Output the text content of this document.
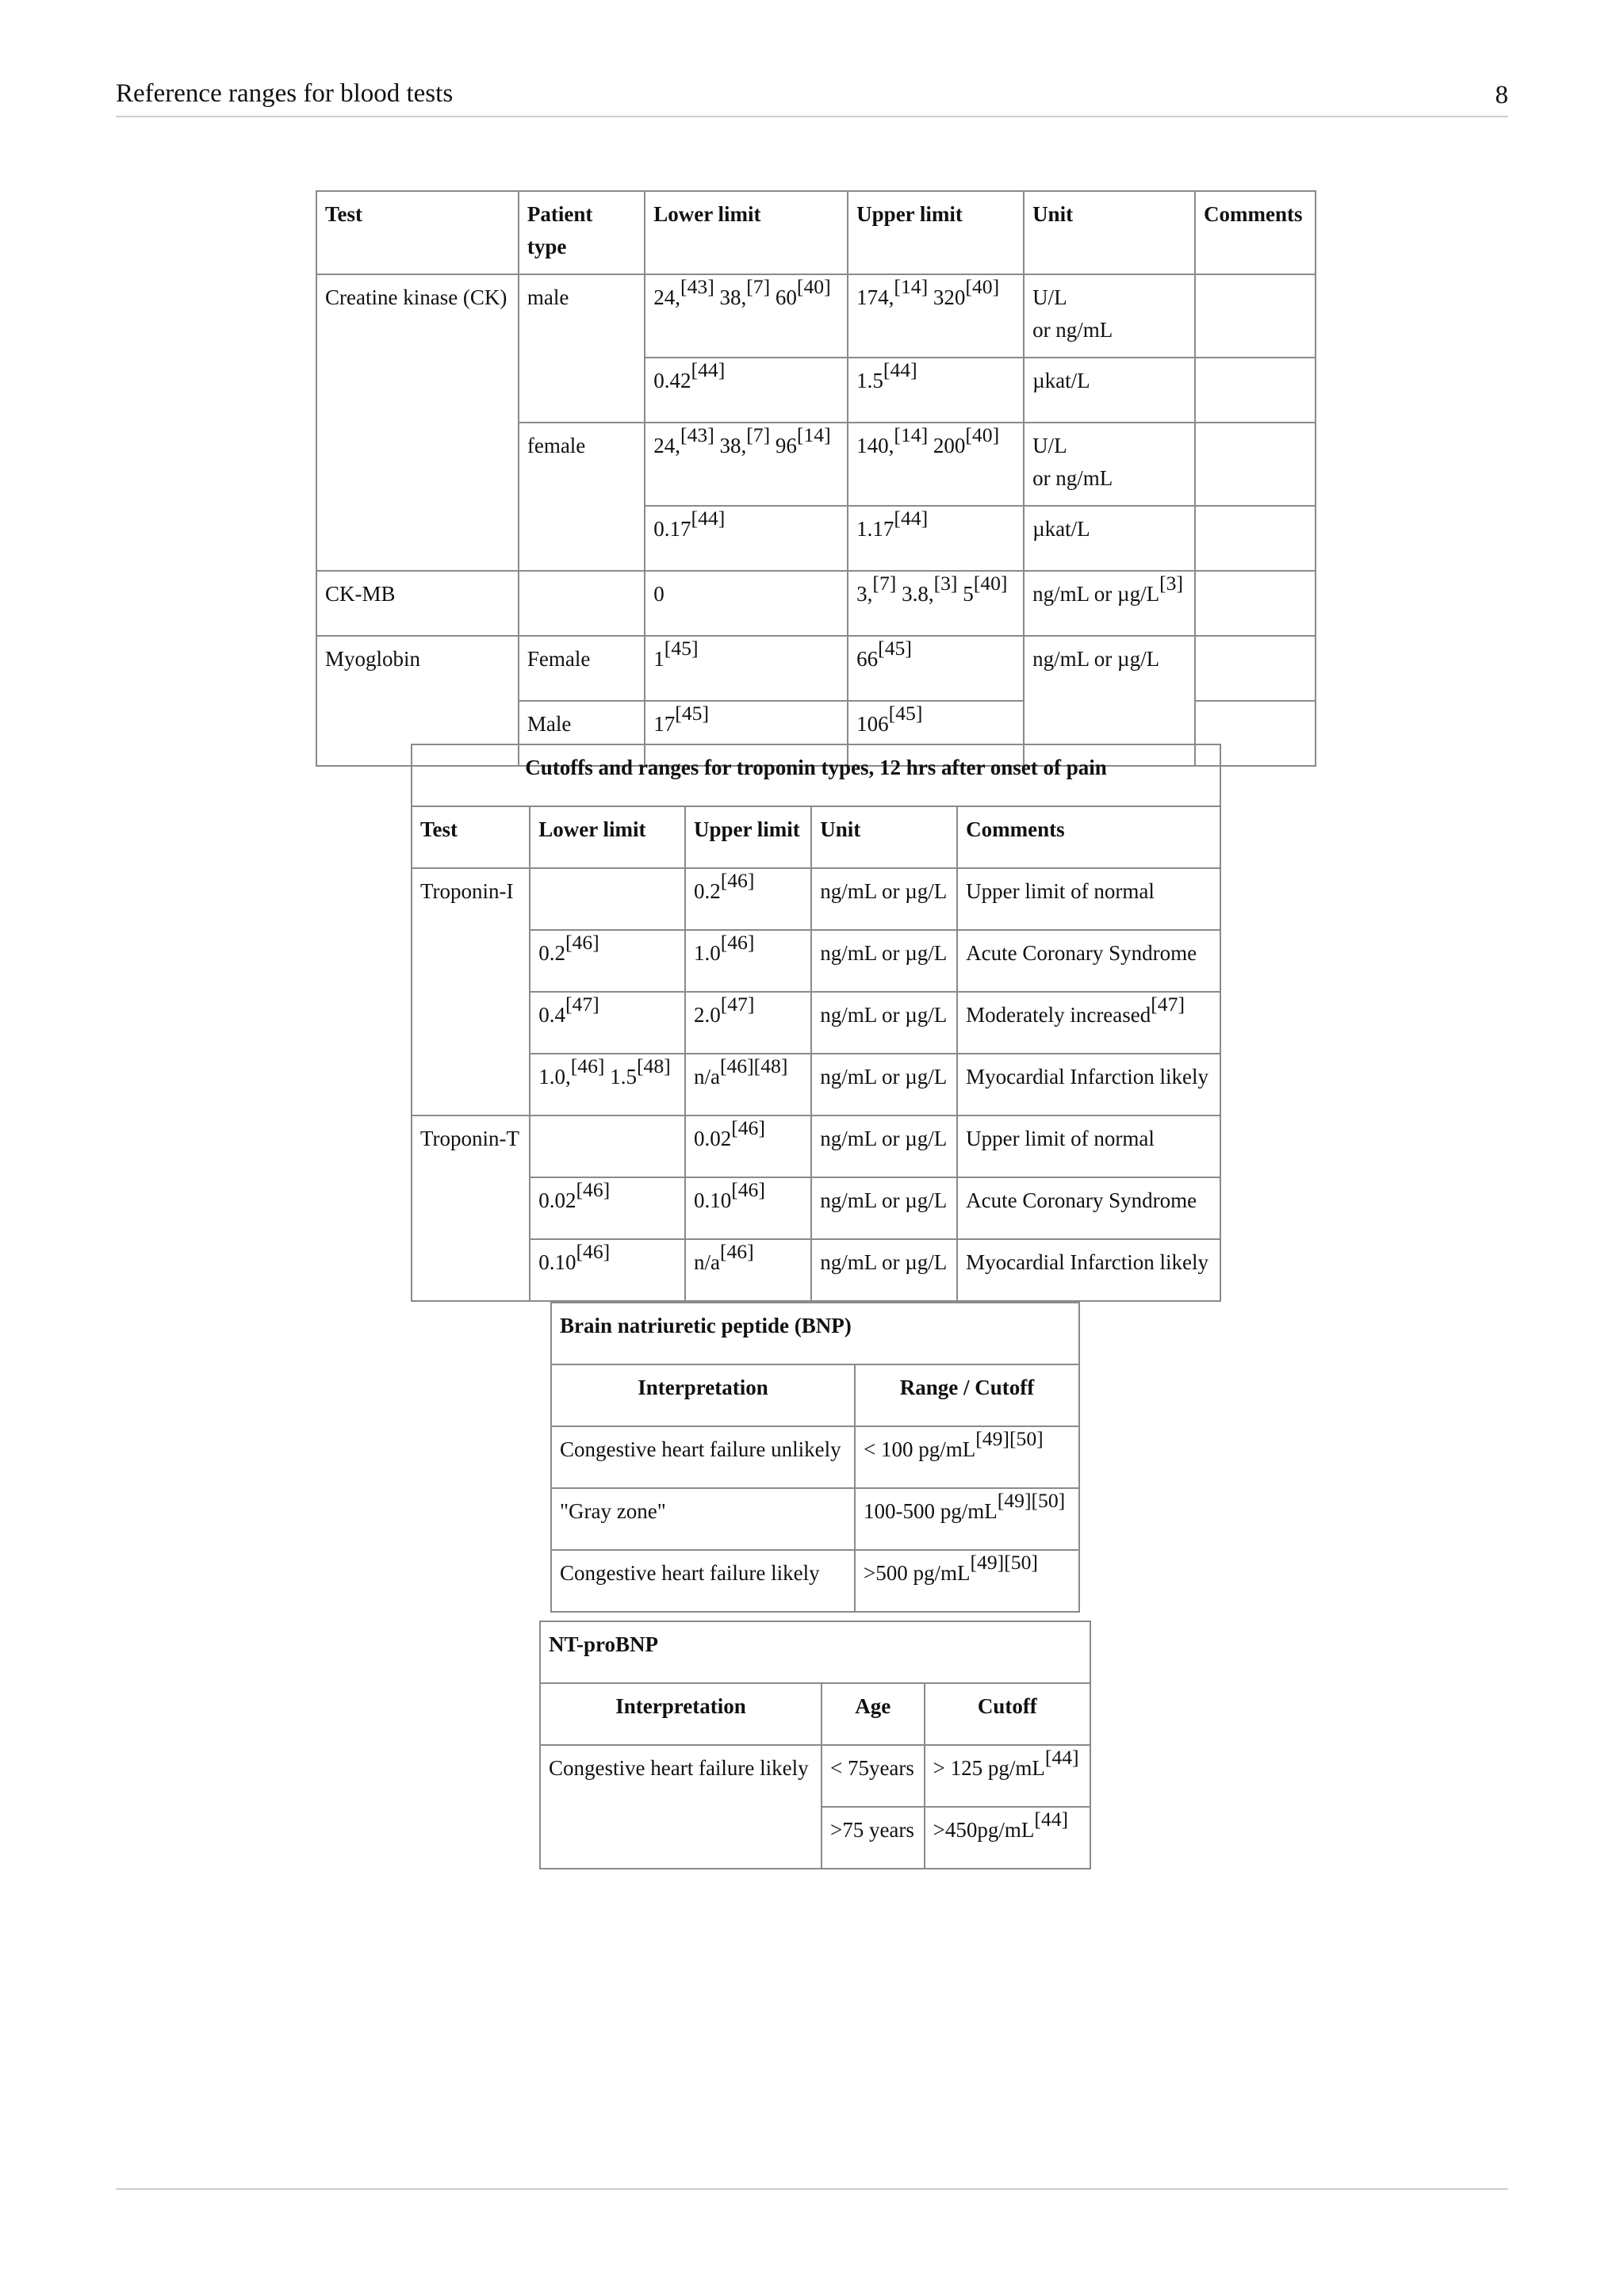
Reference ranges for blood tests	8
Test	Patient type	Lower limit	Upper limit	Unit	Comments
Creatine kinase (CK)	male	24,[43] 38,[7] 60[40]	174,[14] 320[40]	U/L
or ng/mL	
		0.42[44]	1.5[44]	µkat/L	
	female	24,[43] 38,[7] 96[14]	140,[14] 200[40]	U/L
or ng/mL	
		0.17[44]	1.17[44]	µkat/L	
CK-MB		0	3,[7] 3.8,[3] 5[40]	ng/mL or µg/L[3]	
Myoglobin	Female	1[45]	66[45]	ng/mL or µg/L	
	Male	17[45]	106[45]	
Cutoffs and ranges for troponin types, 12 hrs after onset of pain				
Test	Lower limit	Upper limit	Unit	Comments
Troponin-I		0.2[46]	ng/mL or µg/L	Upper limit of normal
	0.2[46]	1.0[46]	ng/mL or µg/L	Acute Coronary Syndrome
	0.4[47]	2.0[47]	ng/mL or µg/L	Moderately increased[47]
	1.0,[46] 1.5[48]	n/a[46][48]	ng/mL or µg/L	Myocardial Infarction likely
Troponin-T		0.02[46]	ng/mL or µg/L	Upper limit of normal
	0.02[46]	0.10[46]	ng/mL or µg/L	Acute Coronary Syndrome
	0.10[46]	n/a[46]	ng/mL or µg/L	Myocardial Infarction likely
Brain natriuretic peptide (BNP)	
Interpretation	Range / Cutoff
Congestive heart failure unlikely	< 100 pg/mL[49][50]
"Gray zone"	100-500 pg/mL[49][50]
Congestive heart failure likely	>500 pg/mL[49][50]
NT-proBNP		
Interpretation	Age	Cutoff
Congestive heart failure likely	< 75years	> 125 pg/mL[44]
	>75 years	>450pg/mL[44]
